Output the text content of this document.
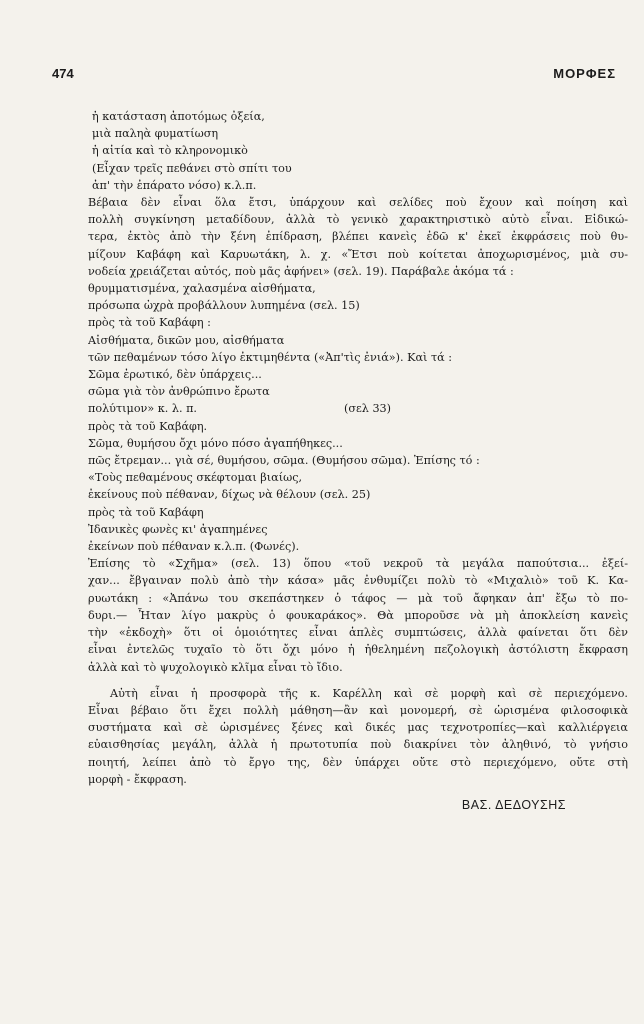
474	ΜΟΡΦΕΣ
ἡ κατάσταση ἀποτόμως ὀξεία,
μιὰ παληὰ φυματίωση
ἡ αἰτία καὶ τὸ κληρονομικὸ
(Εἶχαν τρεῖς πεθάνει στὸ σπίτι του
ἀπ' τὴν ἐπάρατο νόσο) κ.λ.π.
Βέβαια δὲν εἶναι ὅλα ἔτσι, ὑπάρχουν καὶ σελίδες ποὺ ἔχουν καὶ ποίηση καὶ
πολλὴ συγκίνηση μεταδίδουν, ἀλλὰ τὸ γενικὸ χαρακτηριστικὸ αὐτὸ εἶναι. Εἰδικώ-
τερα, ἐκτὸς ἀπὸ τὴν ξένη ἐπίδραση, βλέπει κανεὶς ἐδῶ κ' ἐκεῖ ἐκφράσεις ποὺ θυ-
μίζουν Καβάφη καὶ Καρυωτάκη, λ. χ. «Ἔτσι ποὺ κοίτεται ἀποχωρισμένος, μιὰ συ-
νοδεία χρειάζεται αὐτός, ποὺ μᾶς ἀφήνει» (σελ. 19). Παράβαλε ἀκόμα τά :
θρυμματισμένα, χαλασμένα αἰσθήματα,
πρόσωπα ὠχρὰ προβάλλουν λυπημένα (σελ. 15)
πρὸς τὰ τοῦ Καβάφη :
Αἰσθήματα, δικῶν μου, αἰσθήματα
τῶν πεθαμένων τόσο λίγο ἐκτιμηθέντα («Ἀπ'τὶς ἐνιά»). Καὶ τά :
Σῶμα ἐρωτικό, δὲν ὑπάρχεις...
σῶμα γιὰ τὸν ἀνθρώπινο ἔρωτα
πολύτιμον» κ. λ. π.	(σελ 33)
πρὸς τὰ τοῦ Καβάφη.
Σῶμα, θυμήσου ὄχι μόνο πόσο ἀγαπήθηκες...
πῶς ἔτρεμαν... γιὰ σέ, θυμήσου, σῶμα. (Θυμήσου σῶμα). Ἐπίσης τό :
«Τοὺς πεθαμένους σκέφτομαι βιαίως,
ἐκείνους ποὺ πέθαναν, δίχως νὰ θέλουν (σελ. 25)
πρὸς τὰ τοῦ Καβάφη
Ἰδανικὲς φωνὲς κι' ἀγαπημένες
ἐκείνων ποὺ πέθαναν κ.λ.π. (Φωνές).
Ἐπίσης τὸ «Σχῆμα» (σελ. 13) ὅπου «τοῦ νεκροῦ τὰ μεγάλα παπούτσια... ἐξεί-
χαν... ἔβγαιναν πολὺ ἀπὸ τὴν κάσα» μᾶς ἐνθυμίζει πολὺ τὸ «Μιχαλιὸ» τοῦ Κ. Κα-
ρυωτάκη : «Ἀπάνω του σκεπάστηκεν ὁ τάφος — μὰ τοῦ ἄφηκαν ἀπ' ἔξω τὸ πο-
δυρι.— Ἦταν λίγο μακρὺς ὁ φουκαράκος». Θὰ μποροῦσε νὰ μὴ ἀποκλείση κανεὶς
τὴν «ἐκδοχὴ» ὅτι οἱ ὁμοιότητες εἶναι ἁπλὲς συμπτώσεις, ἀλλὰ φαίνεται ὅτι δὲν
εἶναι ἐντελῶς τυχαῖο τὸ ὅτι ὄχι μόνο ἡ ἠθελημένη πεζολογικὴ ἀστόλιστη ἔκφραση
ἀλλὰ καὶ τὸ ψυχολογικὸ κλῖμα εἶναι τὸ ἴδιο.
Αὐτὴ εἶναι ἡ προσφορὰ τῆς κ. Καρέλλη καὶ σὲ μορφὴ καὶ σὲ περιεχόμενο.
Εἶναι βέβαιο ὅτι ἔχει πολλὴ μάθηση—ἂν καὶ μονομερή, σὲ ὡρισμένα φιλοσοφικὰ
συστήματα καὶ σὲ ὡρισμένες ξένες καὶ δικές μας τεχνοτροπίες—καὶ καλλιέργεια
εὐαισθησίας μεγάλη, ἀλλὰ ἡ πρωτοτυπία ποὺ διακρίνει τὸν ἀληθινό, τὸ γνήσιο
ποιητή, λείπει ἀπὸ τὸ ἔργο της, δὲν ὑπάρχει οὔτε στὸ περιεχόμενο, οὔτε στὴ
μορφὴ - ἔκφραση.
ΒΑΣ. ΔΕΔΟΥΣΗΣ
